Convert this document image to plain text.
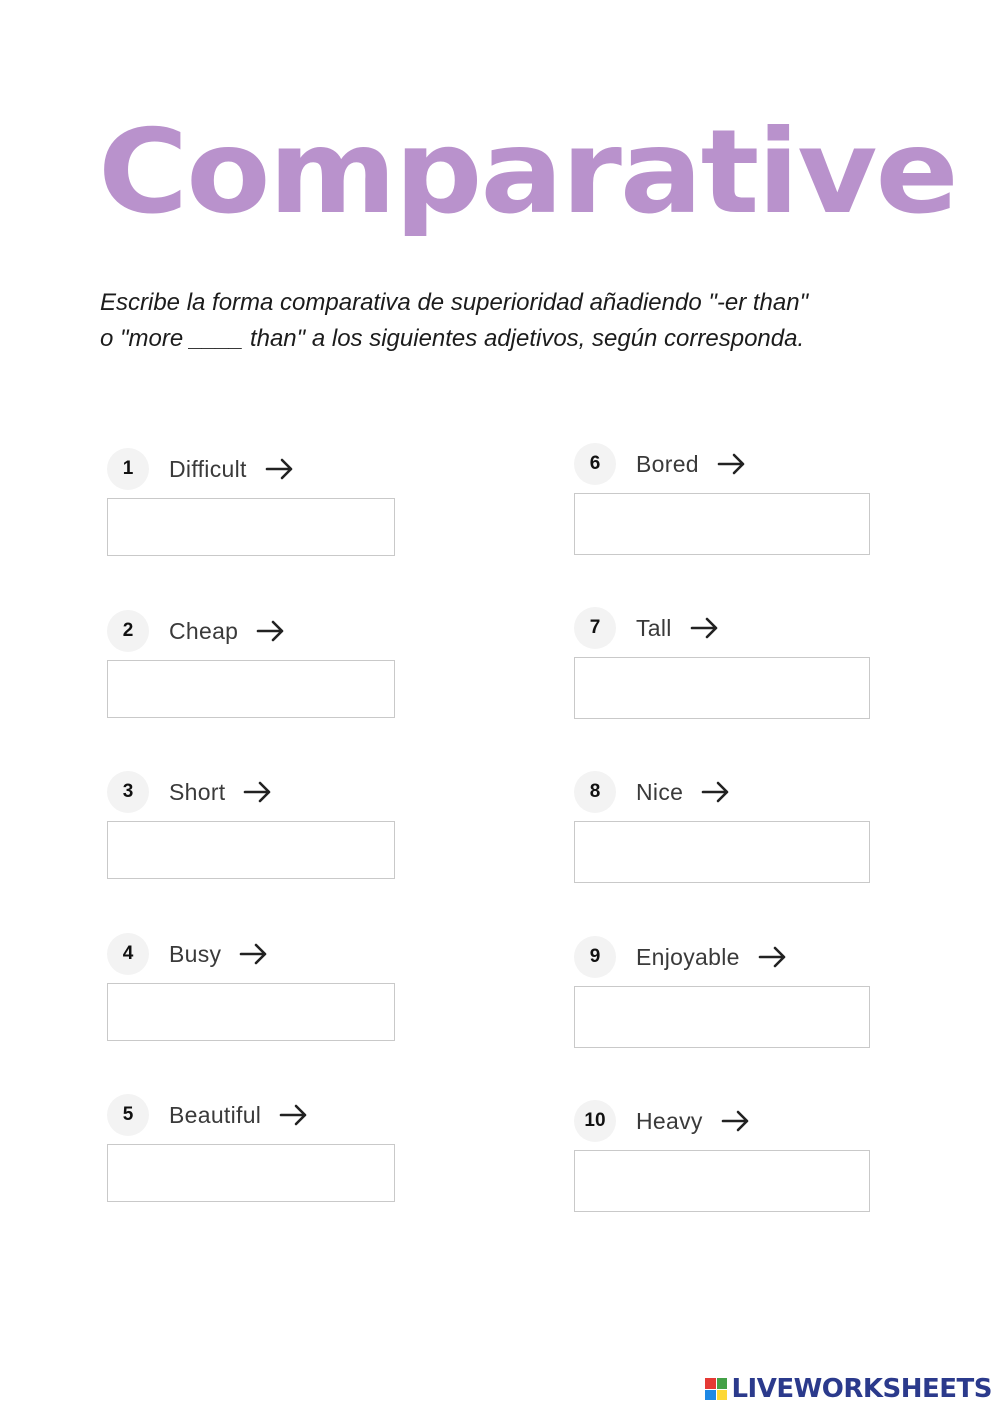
Comparative
Escribe la forma comparativa de superioridad añadiendo "-er than"
o "more ____ than" a los siguientes adjetivos, según corresponda.
1	Difficult
2	Cheap
3	Short
4	Busy
5	Beautiful
6	Bored
7	Tall
8	Nice
9	Enjoyable
10	Heavy
LIVEWORKSHEETS
